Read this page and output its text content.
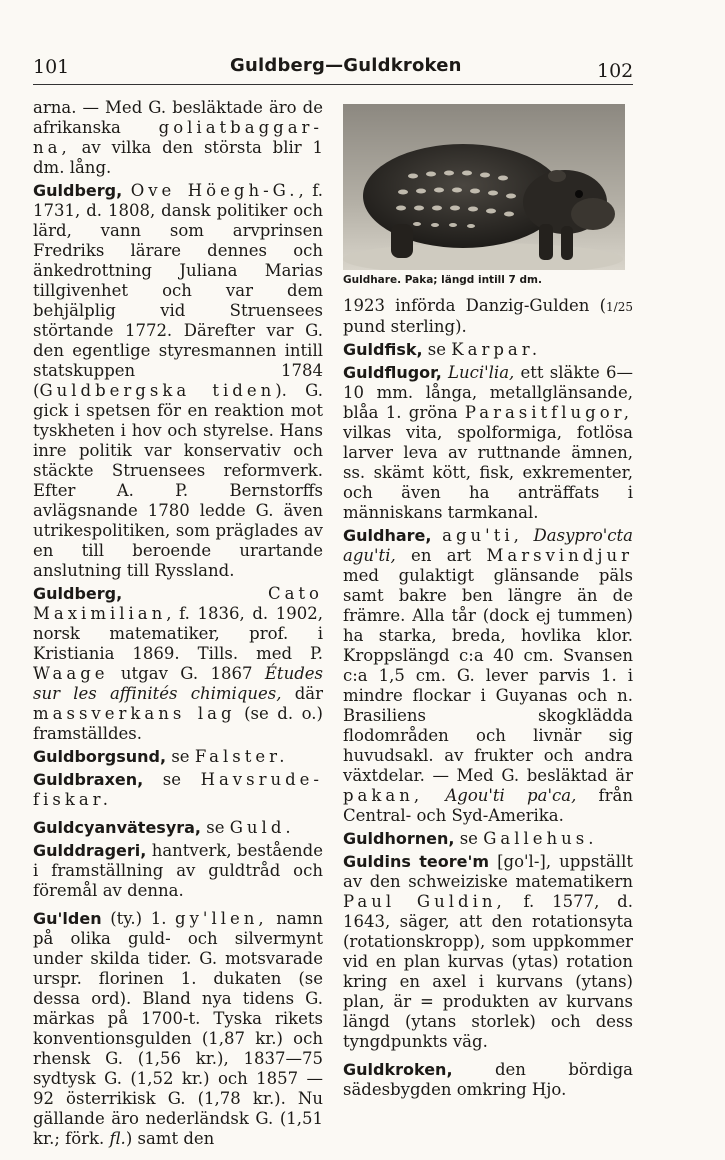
101	Guldberg—Guldkroken	102

arna. — Med G. besläktade äro de afrikanska goliatbaggar-na, av vilka den största blir 1 dm. lång.

Guldberg, Ove Höegh-G., f. 1731, d. 1808, dansk politiker och lärd, vann som arvprinsen Fredriks lärare dennes och änkedrottning Juliana Marias tillgivenhet och var dem behjälplig vid Struensees störtande 1772. Därefter var G. den egentlige styresmannen intill statskuppen 1784 (Guldbergska tiden). G. gick i spetsen för en reaktion mot tyskheten i hov och styrelse. Hans inre politik var konservativ och stäckte Struensees reformverk. Efter A. P. Bernstorffs avlägsnande 1780 ledde G. även utrikespolitiken, som präglades av en till beroende urartande anslutning till Ryssland.

Guldberg,	Cato Maximilian, f. 1836, d. 1902, norsk matematiker, prof. i Kristiania 1869. Tills. med P. Waage utgav G. 1867 Études sur les affinités chimiques, där massverkans lag (se d. o.) framställdes.

Guldborgsund, se Falster.

Guldbraxen, se Havsrude-fiskar.

Guldcyanvätesyra, se Guld.

Gulddrageri, hantverk, bestående i framställning av guldtråd och föremål av denna.

Gu'lden (ty.) 1. gy'llen, namn på olika guld- och silvermynt under skilda tider. G. motsvarade urspr. florinen 1. dukaten (se dessa ord). Bland nya tidens G. märkas på 1700-t. Tyska rikets konventionsgulden (1,87 kr.) och rhensk G. (1,56 kr.), 1837—75 sydtysk G. (1,52 kr.) och 1857 —92 österrikisk G. (1,78 kr.). Nu gällande äro nederländsk G. (1,51 kr.; förk. fl.) samt den

Guldhare. Paka; längd intill 7 dm.

1923 införda Danzig-Gulden (1/25 pund sterling).

Guldfisk, se Karpar.

Guldflugor, Luci'lia, ett släkte 6—10 mm. långa, metallglänsande, blåa 1. gröna Parasitflugor, vilkas vita, spolformiga, fotlösa larver leva av ruttnande ämnen, ss. skämt kött, fisk, exkrementer, och även ha anträffats i människans tarmkanal.

Guldhare, agu'ti, Dasypro'cta agu'ti, en art Marsvindjur med gulaktigt glänsande päls samt bakre ben längre än de främre. Alla tår (dock ej tummen) ha starka, breda, hovlika klor. Kroppslängd c:a 40 cm. Svansen c:a 1,5 cm. G. lever parvis 1. i mindre flockar i Guyanas och n. Brasiliens skogklädda flodområden och livnär sig huvudsakl. av frukter och andra växtdelar. — Med G. besläktad är pakan, Agou'ti pa'ca, från Central- och Syd-Amerika.

Guldhornen, se Gallehus.

Guldins teore'm [go'l-], uppställt av den schweiziske matematikern Paul Guldin, f. 1577, d. 1643, säger, att den rotationsyta (rotationskropp), som uppkommer vid en plan kurvas (ytas) rotation kring en axel i kurvans (ytans) plan, är = produkten av kurvans längd (ytans storlek) och dess tyngdpunkts väg.

Guldkroken, den bördiga sädesbygden omkring Hjo.
